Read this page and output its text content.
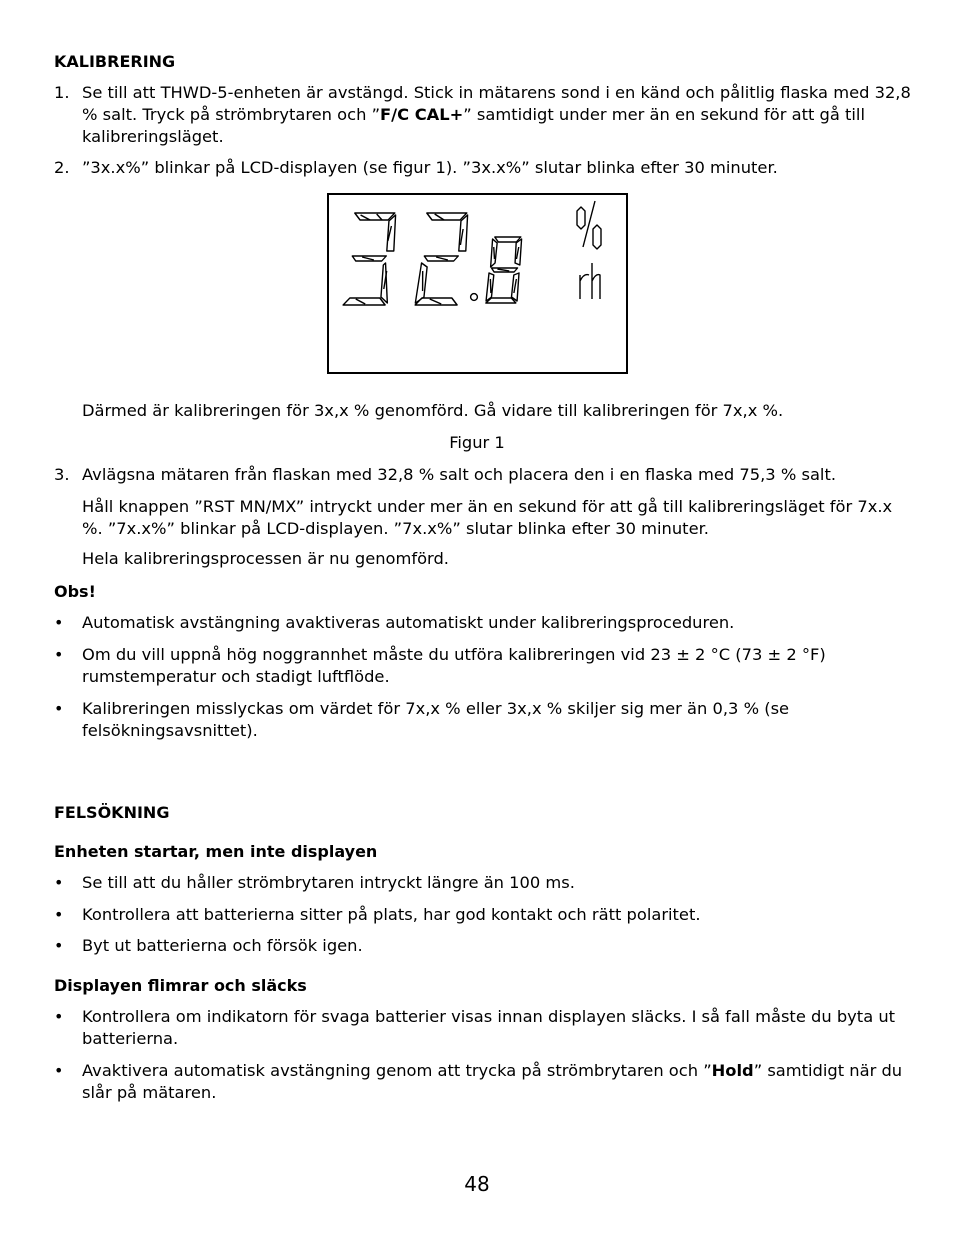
KALIBRERING
1. Se till att THWD-5-enheten är avstängd. Stick in mätarens sond i en känd och pålitlig flaska med 32,8 % salt. Tryck på strömbrytaren och ”F/C CAL+” samtidigt under mer än en sekund för att gå till kalibreringsläget.
2. ”3x.x%” blinkar på LCD-displayen (se figur 1). ”3x.x%” slutar blinka efter 30 minuter.
Därmed är kalibreringen för 3x,x % genomförd. Gå vidare till kalibreringen för 7x,x %.
Figur 1
3. Avlägsna mätaren från flaskan med 32,8 % salt och placera den i en flaska med 75,3 % salt.
Håll knappen ”RST MN/MX” intryckt under mer än en sekund för att gå till kalibreringsläget för 7x.x %. ”7x.x%” blinkar på LCD-displayen. ”7x.x%” slutar blinka efter 30 minuter.
Hela kalibreringsprocessen är nu genomförd.
Obs!
• Automatisk avstängning avaktiveras automatiskt under kalibreringsproceduren.
• Om du vill uppnå hög noggrannhet måste du utföra kalibreringen vid 23 ± 2 °C (73 ± 2 °F) rumstemperatur och stadigt luftflöde.
• Kalibreringen misslyckas om värdet för 7x,x % eller 3x,x % skiljer sig mer än 0,3 % (se felsökningsavsnittet).
FELSÖKNING
Enheten startar, men inte displayen
• Se till att du håller strömbrytaren intryckt längre än 100 ms.
• Kontrollera att batterierna sitter på plats, har god kontakt och rätt polaritet.
• Byt ut batterierna och försök igen.
Displayen flimrar och släcks
• Kontrollera om indikatorn för svaga batterier visas innan displayen släcks. I så fall måste du byta ut batterierna.
• Avaktivera automatisk avstängning genom att trycka på strömbrytaren och ”Hold” samtidigt när du slår på mätaren.
48
